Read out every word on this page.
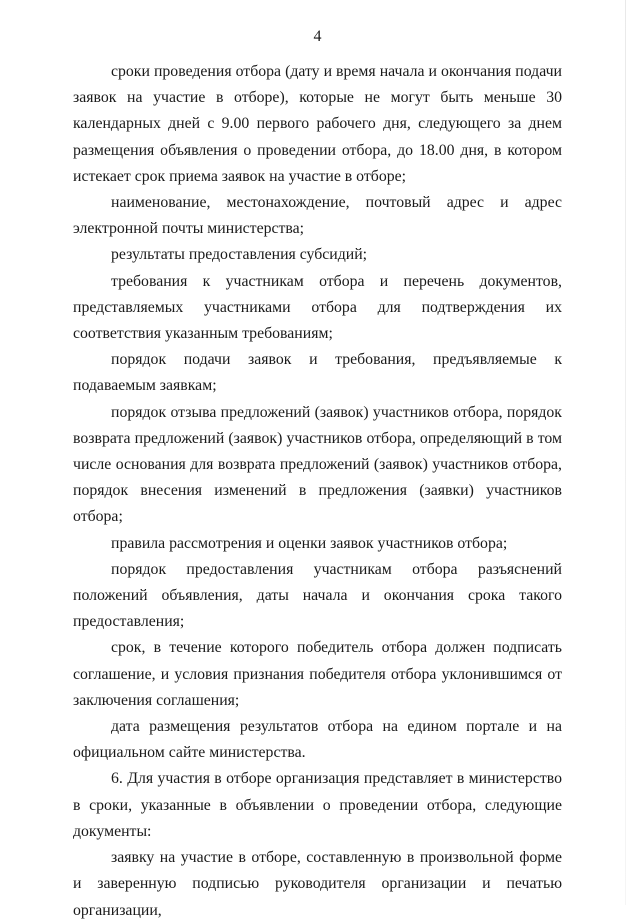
4

сроки проведения отбора (дату и время начала и окончания подачи заявок на участие в отборе), которые не могут быть меньше 30 календарных дней с 9.00 первого рабочего дня, следующего за днем размещения объявления о проведении отбора, до 18.00 дня, в котором истекает срок приема заявок на участие в отборе;

наименование, местонахождение, почтовый адрес и адрес электронной почты министерства;

результаты предоставления субсидий;

требования к участникам отбора и перечень документов, представляемых участниками отбора для подтверждения их соответствия указанным требованиям;

порядок подачи заявок и требования, предъявляемые к подаваемым заявкам;

порядок отзыва предложений (заявок) участников отбора, порядок возврата предложений (заявок) участников отбора, определяющий в том числе основания для возврата предложений (заявок) участников отбора, порядок внесения изменений в предложения (заявки) участников отбора;

правила рассмотрения и оценки заявок участников отбора;

порядок предоставления участникам отбора разъяснений положений объявления, даты начала и окончания срока такого предоставления;

срок, в течение которого победитель отбора должен подписать соглашение, и условия признания победителя отбора уклонившимся от заключения соглашения;

дата размещения результатов отбора на едином портале и на официальном сайте министерства.

6. Для участия в отборе организация представляет в министерство в сроки, указанные в объявлении о проведении отбора, следующие документы:

заявку на участие в отборе, составленную в произвольной форме и заверенную подписью руководителя организации и печатью организации,
